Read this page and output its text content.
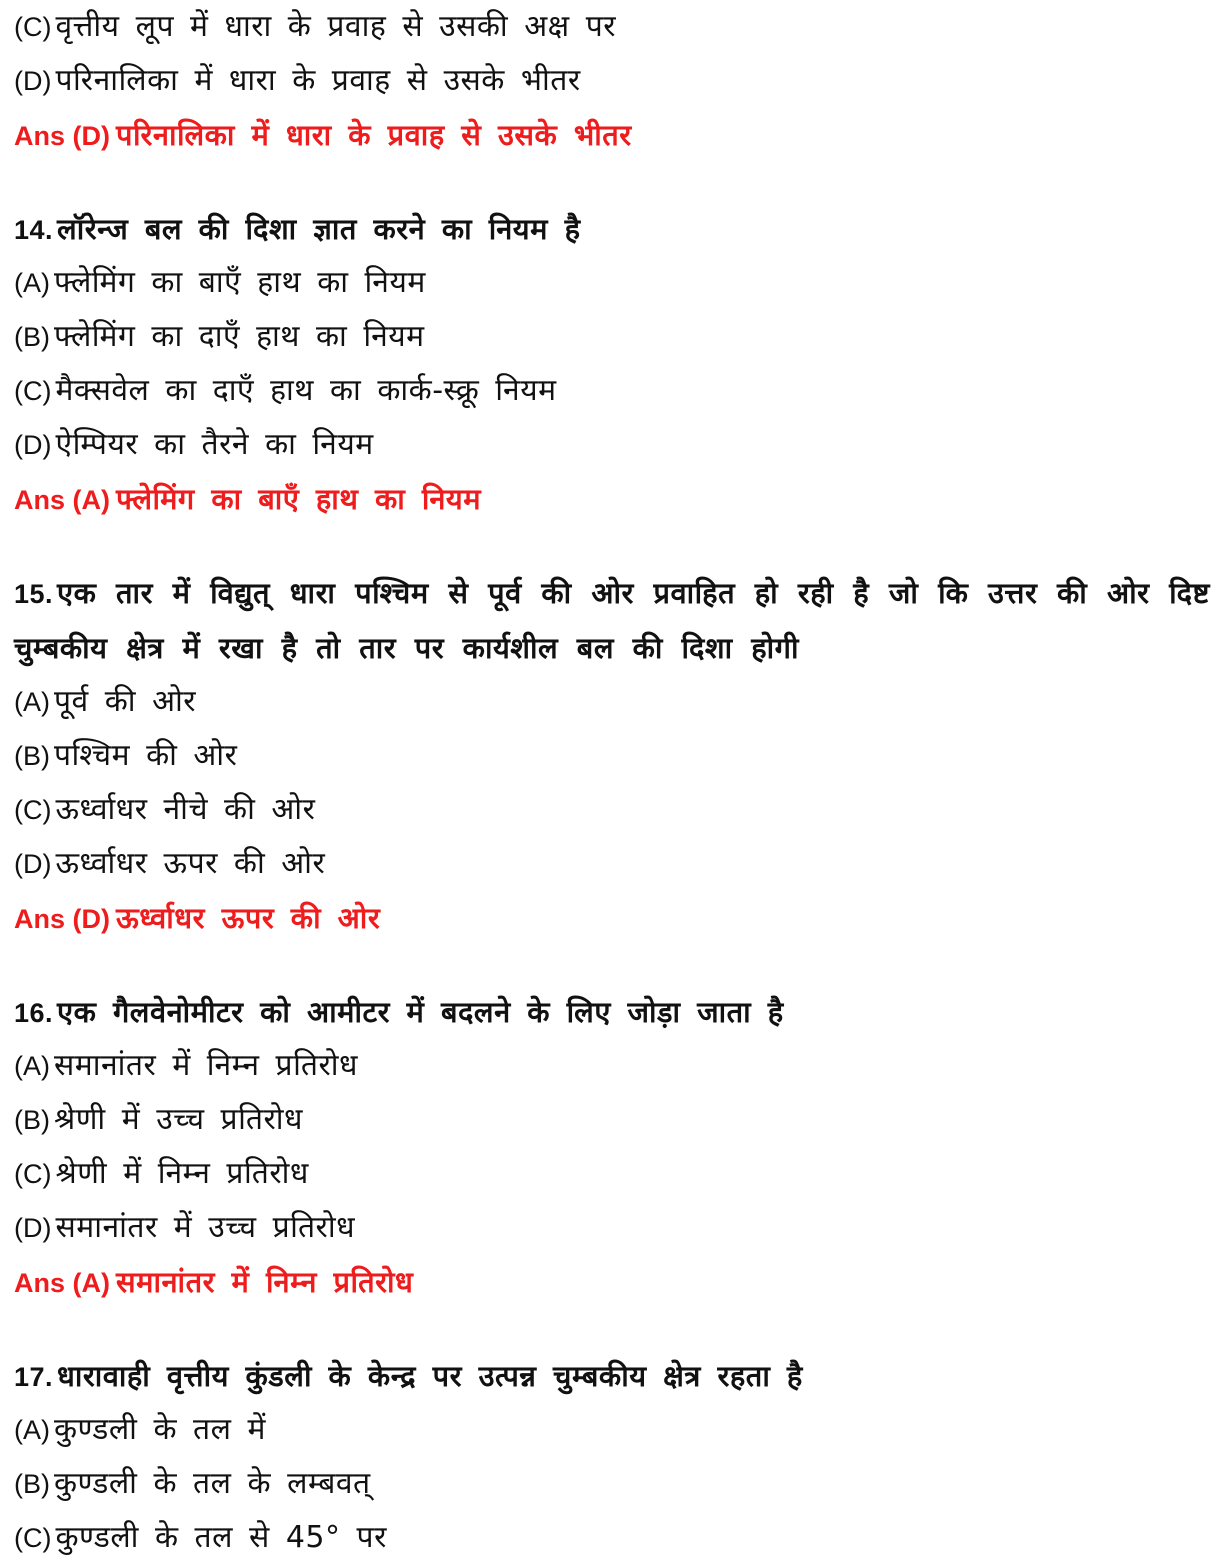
(C) वृत्तीय लूप में धारा के प्रवाह से उसकी अक्ष पर
(D) परिनालिका में धारा के प्रवाह से उसके भीतर
Ans (D) परिनालिका में धारा के प्रवाह से उसके भीतर
14. लॉरेन्ज बल की दिशा ज्ञात करने का नियम है
(A) फ्लेमिंग का बाएँ हाथ का नियम
(B) फ्लेमिंग का दाएँ हाथ का नियम
(C) मैक्सवेल का दाएँ हाथ का कार्क-स्क्रू नियम
(D) ऐम्पियर का तैरने का नियम
Ans (A) फ्लेमिंग का बाएँ हाथ का नियम
15. एक तार में विद्युत् धारा पश्चिम से पूर्व की ओर प्रवाहित हो रही है जो कि उत्तर की ओर दिष्ट चुम्बकीय क्षेत्र में रखा है तो तार पर कार्यशील बल की दिशा होगी
(A) पूर्व की ओर
(B) पश्चिम की ओर
(C) ऊर्ध्वाधर नीचे की ओर
(D) ऊर्ध्वाधर ऊपर की ओर
Ans (D) ऊर्ध्वाधर ऊपर की ओर
16. एक गैलवेनोमीटर को आमीटर में बदलने के लिए जोड़ा जाता है
(A) समानांतर में निम्न प्रतिरोध
(B) श्रेणी में उच्च प्रतिरोध
(C) श्रेणी में निम्न प्रतिरोध
(D) समानांतर में उच्च प्रतिरोध
Ans (A) समानांतर में निम्न प्रतिरोध
17. धारावाही वृत्तीय कुंडली के केन्द्र पर उत्पन्न चुम्बकीय क्षेत्र रहता है
(A) कुण्डली के तल में
(B) कुण्डली के तल के लम्बवत्
(C) कुण्डली के तल से 45° पर
